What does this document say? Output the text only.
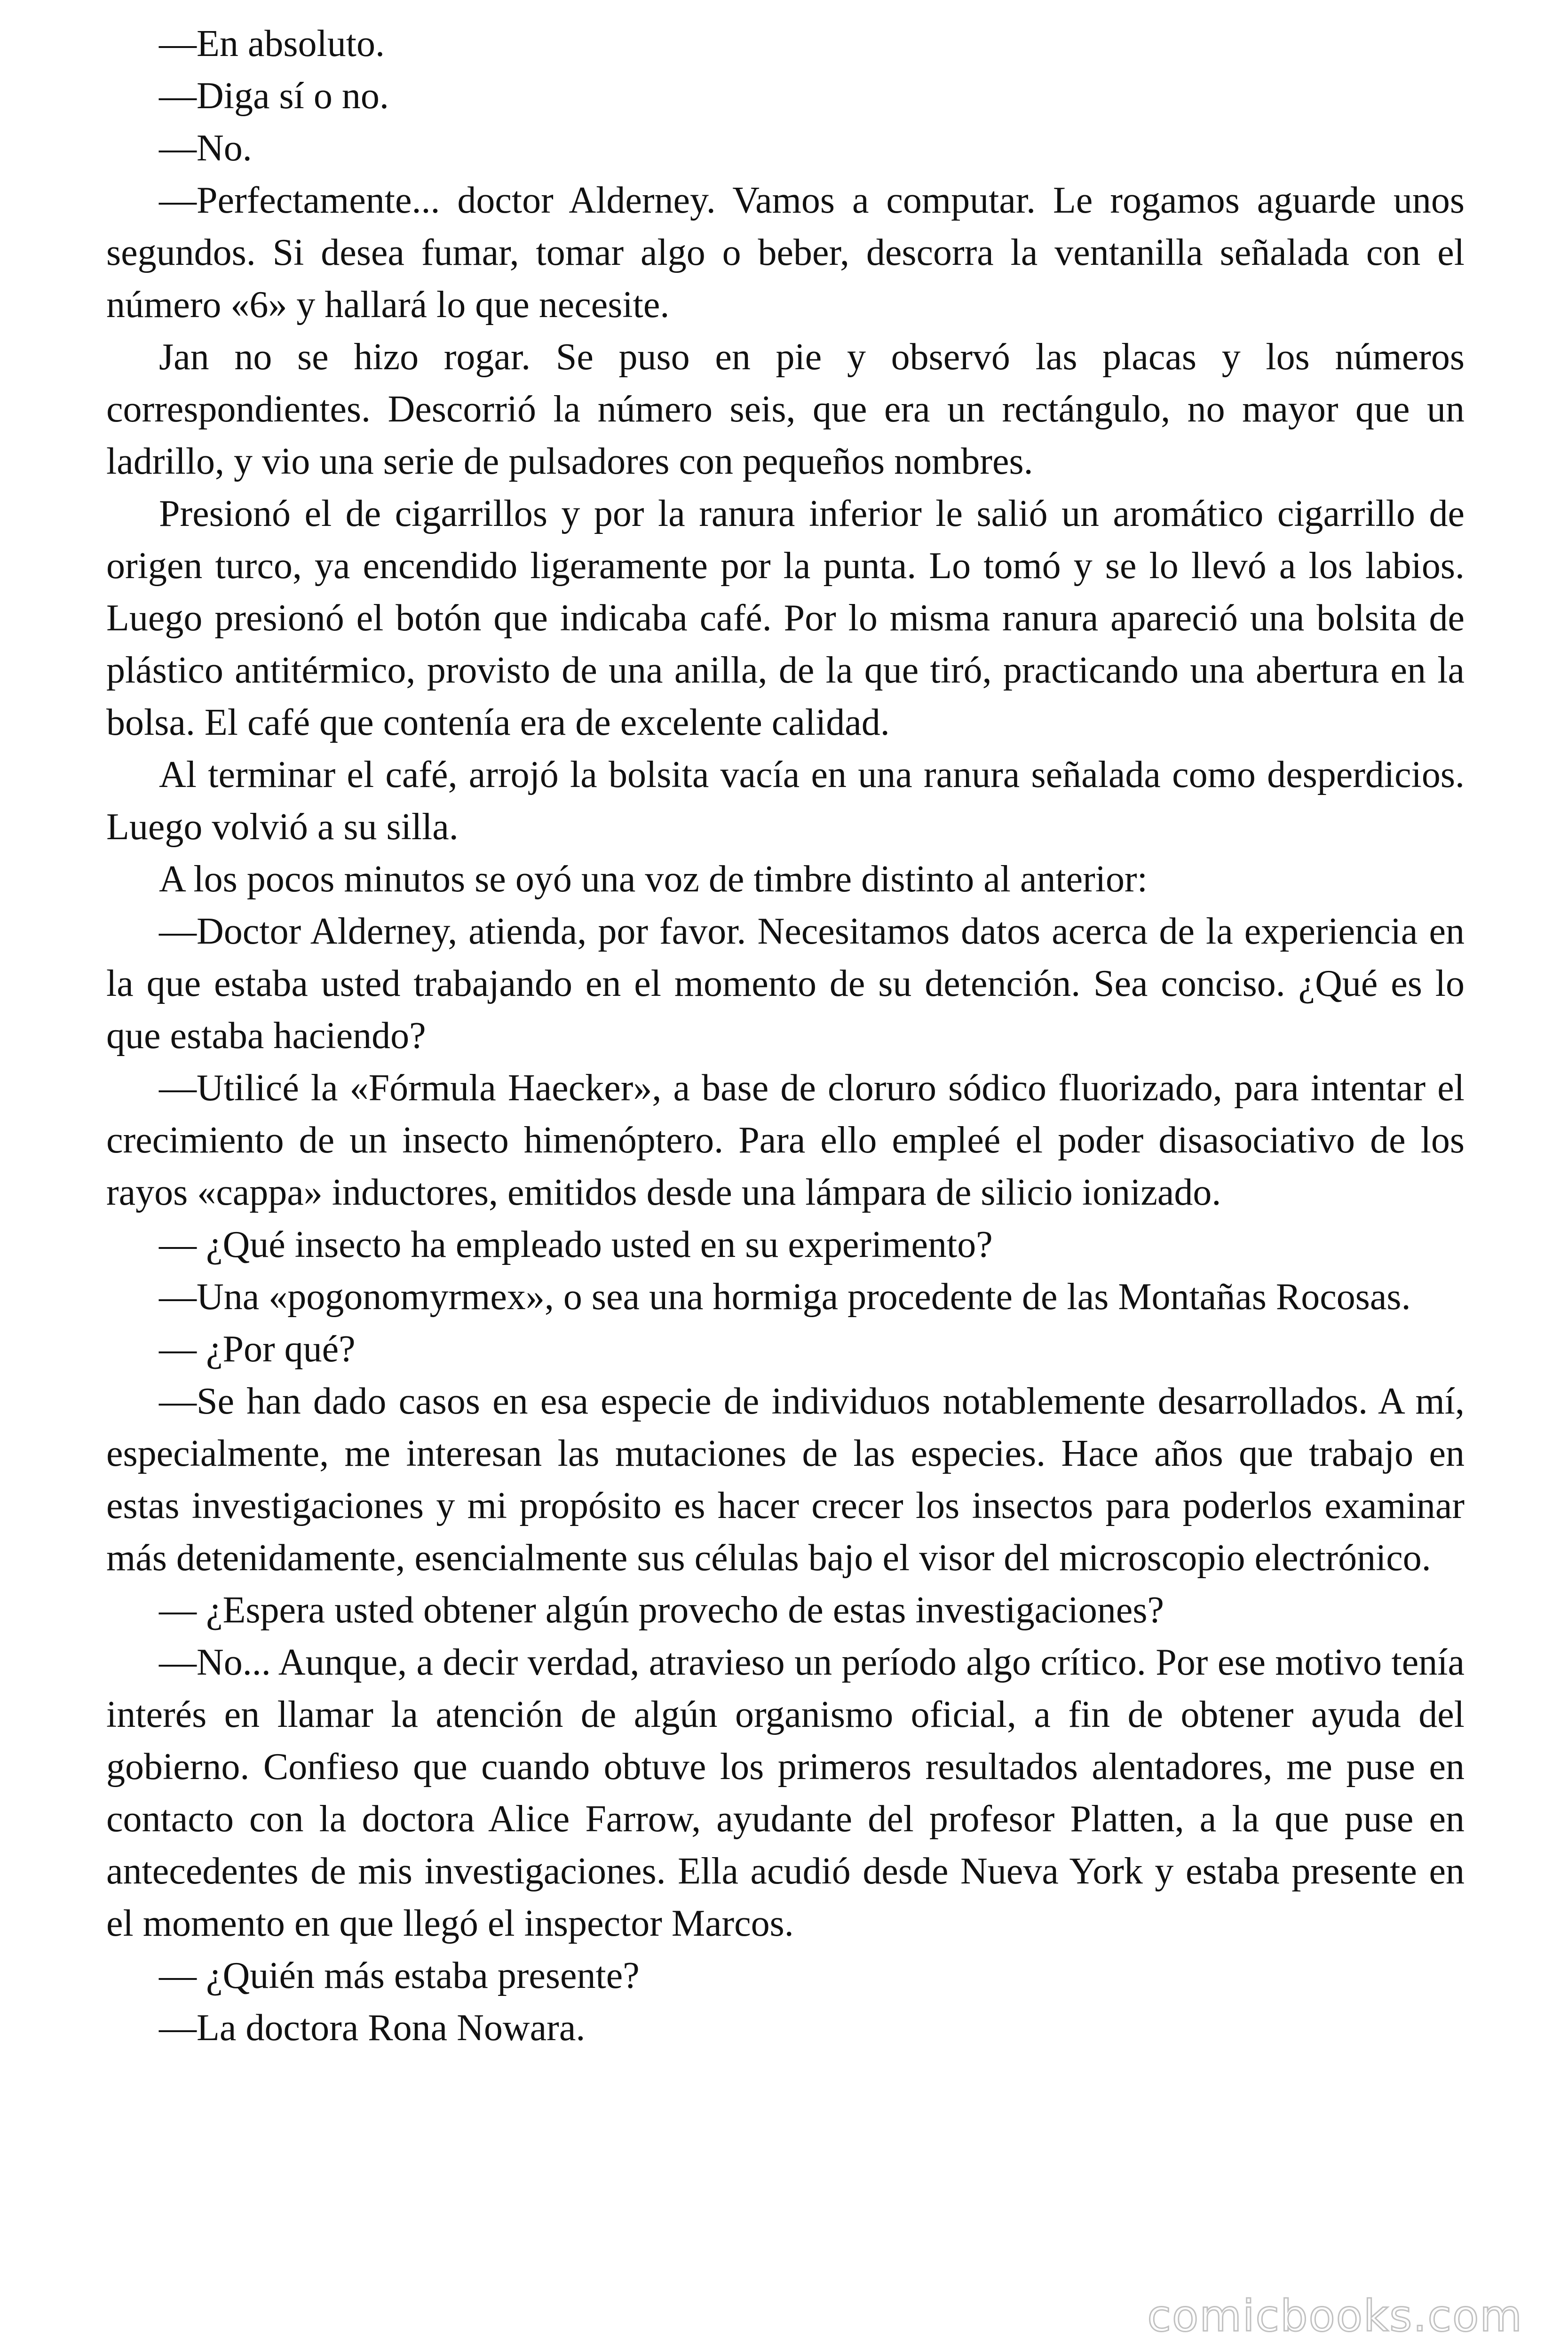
—En absoluto.

—Diga sí o no.

—No.

—Perfectamente... doctor Alderney. Vamos a computar. Le rogamos aguarde unos segundos. Si desea fumar, tomar algo o beber, descorra la ventanilla señalada con el número «6» y hallará lo que necesite.

Jan no se hizo rogar. Se puso en pie y observó las placas y los números correspondientes. Descorrió la número seis, que era un rectángulo, no mayor que un ladrillo, y vio una serie de pulsadores con pequeños nombres.

Presionó el de cigarrillos y por la ranura inferior le salió un aromático cigarrillo de origen turco, ya encendido ligeramente por la punta. Lo tomó y se lo llevó a los labios. Luego presionó el botón que indicaba café. Por lo misma ranura apareció una bolsita de plástico antitérmico, provisto de una anilla, de la que tiró, practicando una abertura en la bolsa. El café que contenía era de excelente calidad.

Al terminar el café, arrojó la bolsita vacía en una ranura señalada como desperdicios. Luego volvió a su silla.

A los pocos minutos se oyó una voz de timbre distinto al anterior:

—Doctor Alderney, atienda, por favor. Necesitamos datos acerca de la experiencia en la que estaba usted trabajando en el momento de su detención. Sea conciso. ¿Qué es lo que estaba haciendo?

—Utilicé la «Fórmula Haecker», a base de cloruro sódico fluorizado, para intentar el crecimiento de un insecto himenóptero. Para ello empleé el poder disasociativo de los rayos «cappa» inductores, emitidos desde una lámpara de silicio ionizado.

— ¿Qué insecto ha empleado usted en su experimento?

—Una «pogonomyrmex», o sea una hormiga procedente de las Montañas Rocosas.

— ¿Por qué?

—Se han dado casos en esa especie de individuos notablemente desarrollados. A mí, especialmente, me interesan las mutaciones de las especies. Hace años que trabajo en estas investigaciones y mi propósito es hacer crecer los insectos para poderlos examinar más detenidamente, esencialmente sus células bajo el visor del microscopio electrónico.

— ¿Espera usted obtener algún provecho de estas investigaciones?

—No... Aunque, a decir verdad, atravieso un período algo crítico. Por ese motivo tenía interés en llamar la atención de algún organismo oficial, a fin de obtener ayuda del gobierno. Confieso que cuando obtuve los primeros resultados alentadores, me puse en contacto con la doctora Alice Farrow, ayudante del profesor Platten, a la que puse en antecedentes de mis investigaciones. Ella acudió desde Nueva York y estaba presente en el momento en que llegó el inspector Marcos.

— ¿Quién más estaba presente?

—La doctora Rona Nowara.

comicbooks.com
